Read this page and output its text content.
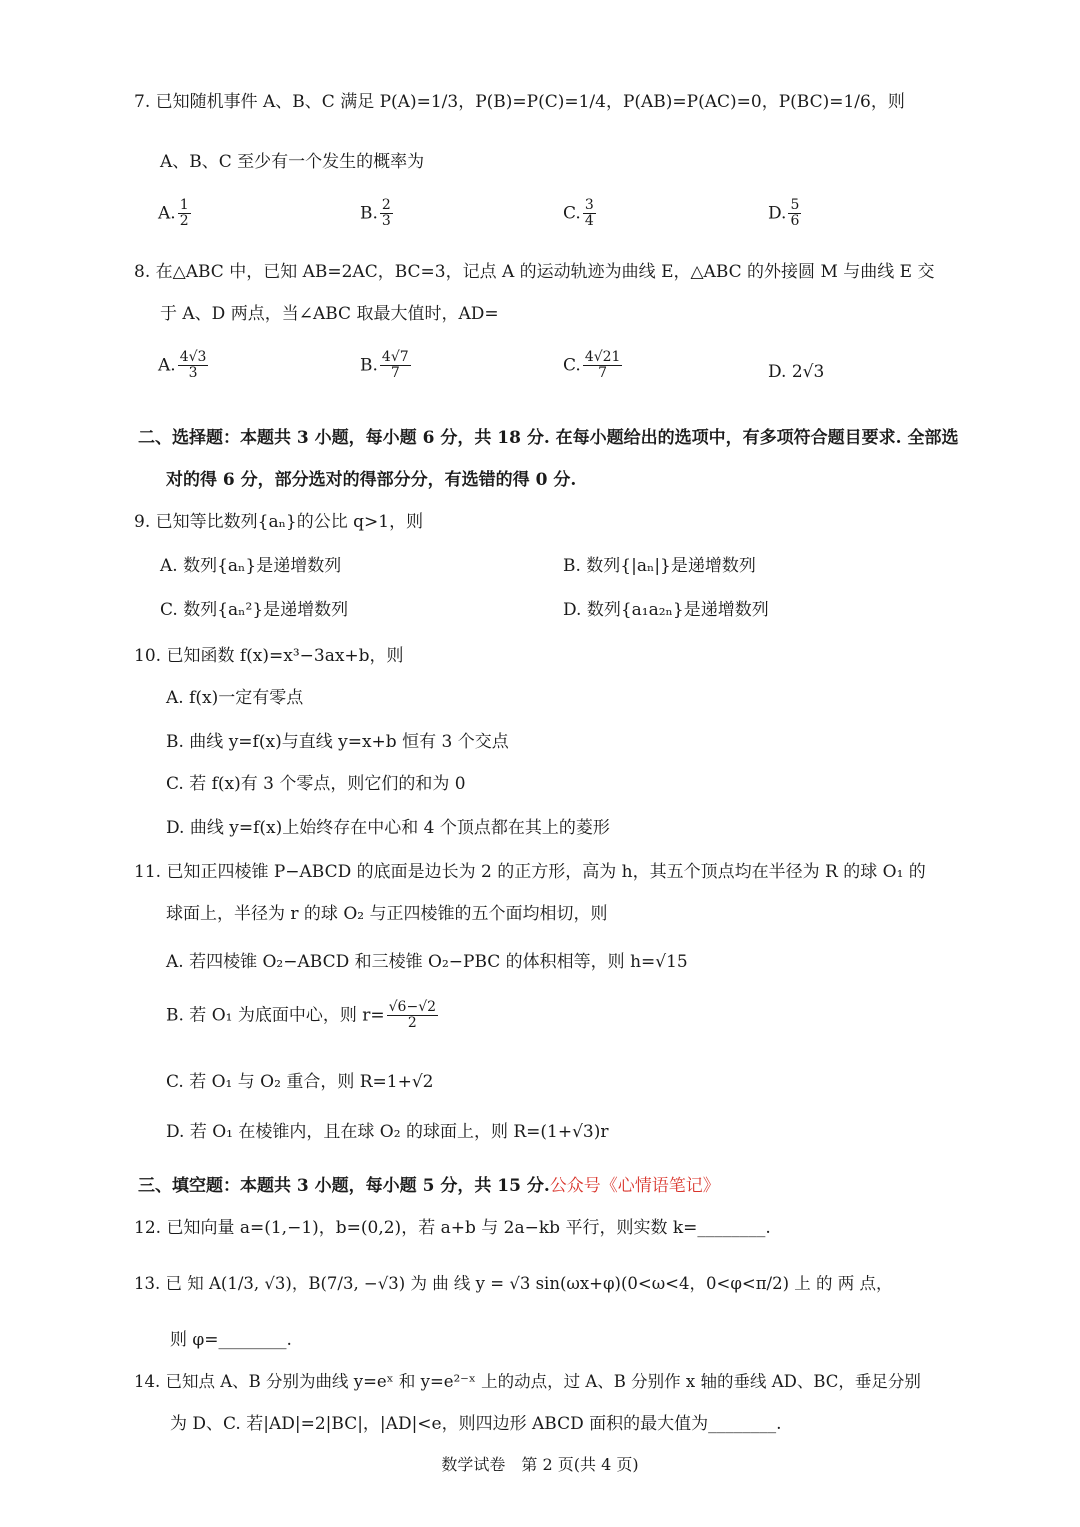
7. 已知随机事件 A、B、C 满足 P(A)=1/3，P(B)=P(C)=1/4，P(AB)=P(AC)=0，P(BC)=1/6，则
A、B、C 至少有一个发生的概率为
A. $\frac{1}{2}$	B. $\frac{2}{3}$	C. $\frac{3}{4}$	D. $\frac{5}{6}$
8. 在△ABC 中，已知 AB=2AC，BC=3，记点 A 的运动轨迹为曲线 E，△ABC 的外接圆 M 与曲线 E 交
于 A、D 两点，当∠ABC 取最大值时，AD=
A. $\frac{4√3}{3}$	B. $\frac{4√7}{7}$	C. $\frac{4√21}{7}$	D. 2√3
二、选择题：本题共 3 小题，每小题 6 分，共 18 分. 在每小题给出的选项中，有多项符合题目要求. 全部选
对的得 6 分，部分选对的得部分分，有选错的得 0 分.
9. 已知等比数列{aₙ}的公比 q>1，则
A. 数列{aₙ}是递增数列	B. 数列{|aₙ|}是递增数列
C. 数列{aₙ²}是递增数列	D. 数列{a₁a₂ₙ}是递增数列
10. 已知函数 f(x)=x³−3ax+b，则
A. f(x)一定有零点
B. 曲线 y=f(x)与直线 y=x+b 恒有 3 个交点
C. 若 f(x)有 3 个零点，则它们的和为 0
D. 曲线 y=f(x)上始终存在中心和 4 个顶点都在其上的菱形
11. 已知正四棱锥 P−ABCD 的底面是边长为 2 的正方形，高为 h，其五个顶点均在半径为 R 的球 O₁ 的
球面上，半径为 r 的球 O₂ 与正四棱锥的五个面均相切，则
A. 若四棱锥 O₂−ABCD 和三棱锥 O₂−PBC 的体积相等，则 h=√15
B. 若 O₁ 为底面中心，则 $r= \frac{√6-√2}{2}$
C. 若 O₁ 与 O₂ 重合，则 R=1+√2
D. 若 O₁ 在棱锥内，且在球 O₂ 的球面上，则 R=(1+√3)r
三、填空题：本题共 3 小题，每小题 5 分，共 15 分.公众号《心情语笔记》
12. 已知向量 a=(1,−1)，b=(0,2)，若 a+b 与 2a−kb 平行，则实数 k=________.
13. 已 知 A(1/3, √3)，B(7/3, −√3) 为 曲 线 y = √3 sin(ωx+φ)(0<ω<4，0<φ<π/2) 上 的 两 点，
则 φ=________.
14. 已知点 A、B 分别为曲线 y=eˣ 和 y=e²⁻ˣ 上的动点，过 A、B 分别作 x 轴的垂线 AD、BC，垂足分别
为 D、C. 若|AD|=2|BC|，|AD|<e，则四边形 ABCD 面积的最大值为________.
数学试卷　第 2 页(共 4 页)
